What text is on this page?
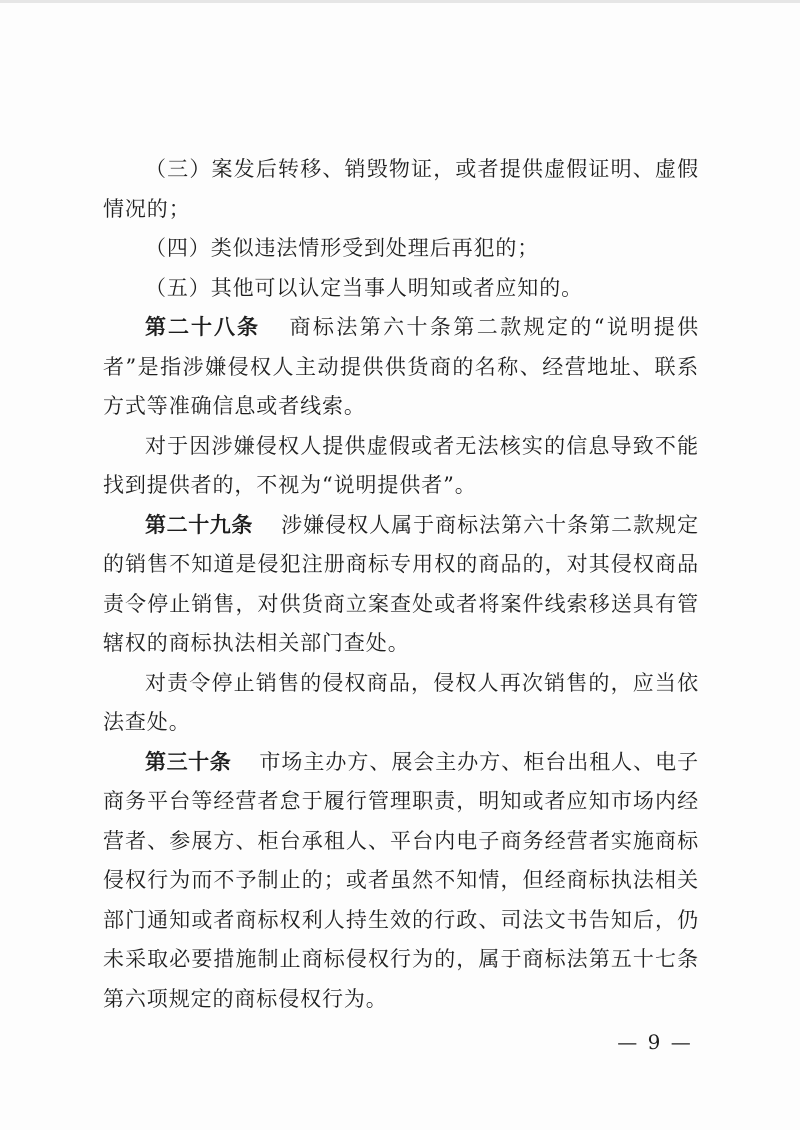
（三）案发后转移、销毁物证，或者提供虚假证明、虚假情况的；

（四）类似违法情形受到处理后再犯的；

（五）其他可以认定当事人明知或者应知的。

第二十八条 商标法第六十条第二款规定的“说明提供者”是指涉嫌侵权人主动提供供货商的名称、经营地址、联系方式等准确信息或者线索。

对于因涉嫌侵权人提供虚假或者无法核实的信息导致不能找到提供者的，不视为“说明提供者”。

第二十九条 涉嫌侵权人属于商标法第六十条第二款规定的销售不知道是侵犯注册商标专用权的商品的，对其侵权商品责令停止销售，对供货商立案查处或者将案件线索移送具有管辖权的商标执法相关部门查处。

对责令停止销售的侵权商品，侵权人再次销售的，应当依法查处。

第三十条 市场主办方、展会主办方、柜台出租人、电子商务平台等经营者怠于履行管理职责，明知或者应知市场内经营者、参展方、柜台承租人、平台内电子商务经营者实施商标侵权行为而不予制止的；或者虽然不知情，但经商标执法相关部门通知或者商标权利人持生效的行政、司法文书告知后，仍未采取必要措施制止商标侵权行为的，属于商标法第五十七条第六项规定的商标侵权行为。

— 9 —
